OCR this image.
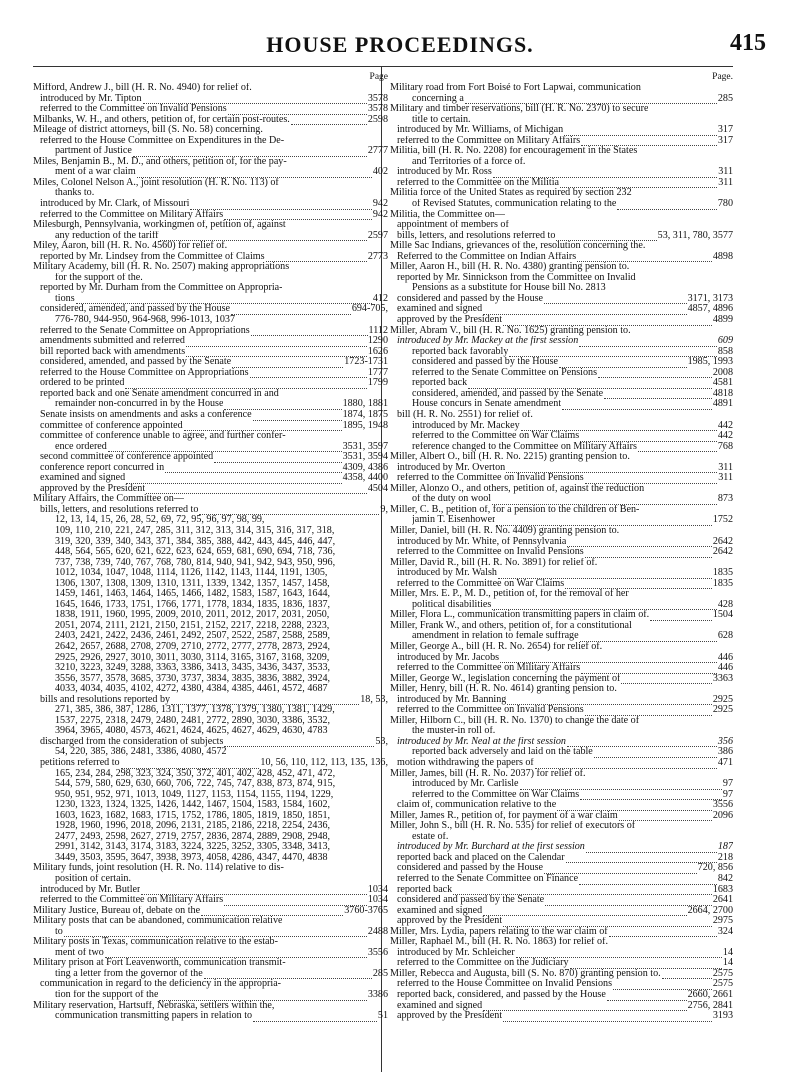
HOUSE PROCEEDINGS.	415
Page
Mifford, Andrew J., bill (H. R. No. 4940) for relief of.
introduced by Mr. Tipton	3578
referred to the Committee on Invalid Pensions	3578
Milbanks, W. H., and others, petition of, for certain post-routes.	2598
Mileage of district attorneys, bill (S. No. 58) concerning.
referred to the House Committee on Expenditures in the De-
partment of Justice	2777
Miles, Benjamin B., M. D., and others, petition of, for the pay-
ment of a war claim	402
Miles, Colonel Nelson A., joint resolution (H. R. No. 113) of
thanks to.
introduced by Mr. Clark, of Missouri	942
referred to the Committee on Military Affairs	942
Milesburgh, Pennsylvania, workingmen of, petition of, against
any reduction of the tariff	2597
Miley, Aaron, bill (H. R. No. 4560) for relief of.
reported by Mr. Lindsey from the Committee of Claims	2773
Military Academy, bill (H. R. No. 2507) making appropriations
for the support of the.
reported by Mr. Durham from the Committee on Appropria-
tions	412
considered, amended, and passed by the House	694-705,
776-780, 944-950, 964-968, 996-1013, 1037
referred to the Senate Committee on Appropriations	1112
amendments submitted and referred	1290
bill reported back with amendments	1626
considered, amended, and passed by the Senate	1723-1731
referred to the House Committee on Appropriations	1777
ordered to be printed	1799
reported back and one Senate amendment concurred in and
remainder non-concurred in by the House	1880, 1881
Senate insists on amendments and asks a conference	1874, 1875
committee of conference appointed	1895, 1948
committee of conference unable to agree, and further confer-
ence ordered	3531, 3597
second committee of conference appointed	3531, 3594
conference report concurred in	4309, 4386
examined and signed	4358, 4400
approved by the President	4504
Military Affairs, the Committee on—
bills, letters, and resolutions referred to	9,
12, 13, 14, 15, 26, 28, 52, 69, 72, 95, 96, 97, 98, 99,
109, 110, 210, 221, 247, 285, 311, 312, 313, 314, 315, 316, 317, 318,
319, 320, 339, 340, 343, 371, 384, 385, 388, 442, 443, 445, 446, 447,
448, 564, 565, 620, 621, 622, 623, 624, 659, 681, 690, 694, 718, 736,
737, 738, 739, 740, 767, 768, 780, 814, 940, 941, 942, 943, 950, 996,
1012, 1034, 1047, 1048, 1114, 1126, 1142, 1143, 1144, 1191, 1305,
1306, 1307, 1308, 1309, 1310, 1311, 1339, 1342, 1357, 1457, 1458,
1459, 1461, 1463, 1464, 1465, 1466, 1482, 1583, 1587, 1643, 1644,
1645, 1646, 1733, 1751, 1766, 1771, 1778, 1834, 1835, 1836, 1837,
1838, 1911, 1960, 1995, 2009, 2010, 2011, 2012, 2017, 2031, 2050,
2051, 2074, 2111, 2121, 2150, 2151, 2152, 2217, 2218, 2288, 2323,
2403, 2421, 2422, 2436, 2461, 2492, 2507, 2522, 2587, 2588, 2589,
2642, 2657, 2688, 2708, 2709, 2710, 2772, 2777, 2778, 2873, 2924,
2925, 2926, 2927, 3010, 3011, 3030, 3114, 3165, 3167, 3168, 3209,
3210, 3223, 3249, 3288, 3363, 3386, 3413, 3435, 3436, 3437, 3533,
3556, 3577, 3578, 3685, 3730, 3737, 3834, 3835, 3836, 3882, 3924,
4033, 4034, 4035, 4102, 4272, 4380, 4384, 4385, 4461, 4572, 4687
bills and resolutions reported by	18, 53,
271, 385, 386, 387, 1286, 1311, 1377, 1378, 1379, 1380, 1381, 1429,
1537, 2275, 2318, 2479, 2480, 2481, 2772, 2890, 3030, 3386, 3532,
3964, 3965, 4080, 4573, 4621, 4624, 4625, 4627, 4629, 4630, 4783
discharged from the consideration of subjects	53,
54, 220, 385, 386, 2481, 3386, 4080, 4572
petitions referred to	10, 56, 110, 112, 113, 135, 136,
165, 234, 284, 298, 323, 324, 350, 372, 401, 402, 428, 452, 471, 472,
544, 579, 580, 629, 630, 660, 706, 722, 745, 747, 838, 873, 874, 915,
950, 951, 952, 971, 1013, 1049, 1127, 1153, 1154, 1155, 1194, 1229,
1230, 1323, 1324, 1325, 1426, 1442, 1467, 1504, 1583, 1584, 1602,
1603, 1623, 1682, 1683, 1715, 1752, 1786, 1805, 1819, 1850, 1851,
1928, 1960, 1996, 2018, 2096, 2131, 2185, 2186, 2218, 2254, 2436,
2477, 2493, 2598, 2627, 2719, 2757, 2836, 2874, 2889, 2908, 2948,
2991, 3142, 3143, 3174, 3183, 3224, 3225, 3252, 3305, 3348, 3413,
3449, 3503, 3595, 3647, 3938, 3973, 4058, 4286, 4347, 4470, 4838
Military funds, joint resolution (H. R. No. 114) relative to dis-
position of certain.
introduced by Mr. Butler	1034
referred to the Committee on Military Affairs	1034
Military Justice, Bureau of, debate on the	3760-3765
Military posts that can be abandoned, communication relative
to	2488
Military posts in Texas, communication relative to the estab-
ment of two	3556
Military prison at Fort Leavenworth, communication transmit-
ting a letter from the governor of the	285
communication in regard to the deficiency in the appropria-
tion for the support of the	3386
Military reservation, Hartsuff, Nebraska, settlers within the,
communication transmitting papers in relation to	51
Page.
Military road from Fort Boisé to Fort Lapwai, communication
concerning a	285
Military and timber reservations, bill (H. R. No. 2370) to secure
title to certain.
introduced by Mr. Williams, of Michigan	317
referred to the Committee on Military Affairs	317
Militia, bill (H. R. No. 2208) for encouragement in the States
and Territories of a force of.
introduced by Mr. Ross	311
referred to the Committee on the Militia	311
Militia force of the United States as required by section 232
of Revised Statutes, communication relating to the	780
Militia, the Committee on—
appointment of members of
bills, letters, and resolutions referred to	53, 311, 780, 3577
Mille Sac Indians, grievances of the, resolution concerning the.
Referred to the Committee on Indian Affairs	4898
Miller, Aaron H., bill (H. R. No. 4380) granting pension to.
reported by Mr. Sinnickson from the Committee on Invalid
Pensions as a substitute for House bill No. 2813
considered and passed by the House	3171, 3173
examined and signed	4857, 4896
approved by the President	4899
Miller, Abram V., bill (H. R. No. 1625) granting pension to.
introduced by Mr. Mackey at the first session	609
reported back favorably	858
considered and passed by the House	1985, 1993
referred to the Senate Committee on Pensions	2008
reported back	4581
considered, amended, and passed by the Senate	4818
House concurs in Senate amendment	4891
bill (H. R. No. 2551) for relief of.
introduced by Mr. Mackey	442
referred to the Committee on War Claims	442
reference changed to the Committee on Military Affairs	768
Miller, Albert O., bill (H. R. No. 2215) granting pension to.
introduced by Mr. Overton	311
referred to the Committee on Invalid Pensions	311
Miller, Alonzo O., and others, petition of, against the reduction
of the duty on wool	873
Miller, C. B., petition of, for a pension to the children of Ben-
jamin T. Eisenhower	1752
Miller, Daniel, bill (H. R. No. 4409) granting pension to.
introduced by Mr. White, of Pennsylvania	2642
referred to the Committee on Invalid Pensions	2642
Miller, David R., bill (H. R. No. 3891) for relief of.
introduced by Mr. Walsh	1835
referred to the Committee on War Claims	1835
Miller, Mrs. E. P., M. D., petition of, for the removal of her
political disabilities	428
Miller, Flora L., communication transmitting papers in claim of.	1504
Miller, Frank W., and others, petition of, for a constitutional
amendment in relation to female suffrage	628
Miller, George A., bill (H. R. No. 2654) for relief of.
introduced by Mr. Jacobs	446
referred to the Committee on Military Affairs	446
Miller, George W., legislation concerning the payment of	3363
Miller, Henry, bill (H. R. No. 4614) granting pension to.
introduced by Mr. Banning	2925
referred to the Committee on Invalid Pensions	2925
Miller, Hilborn C., bill (H. R. No. 1370) to change the date of
the muster-in roll of.
introduced by Mr. Neal at the first session	356
reported back adversely and laid on the table	386
motion withdrawing the papers of	471
Miller, James, bill (H. R. No. 2037) for relief of.
introduced by Mr. Carlisle	97
referred to the Committee on War Claims	97
claim of, communication relative to the	3556
Miller, James R., petition of, for payment of a war claim	2096
Miller, John S., bill (H. R. No. 535) for relief of executors of
estate of.
introduced by Mr. Burchard at the first session	187
reported back and placed on the Calendar	218
considered and passed by the House	720, 856
referred to the Senate Committee on Finance	842
reported back	1683
considered and passed by the Senate	2641
examined and signed	2664, 2700
approved by the President	2975
Miller, Mrs. Lydia, papers relating to the war claim of	324
Miller, Raphael M., bill (H. R. No. 1863) for relief of.
introduced by Mr. Schleicher	14
referred to the Committee on the Judiciary	14
Miller, Rebecca and Augusta, bill (S. No. 870) granting pension to.	2575
referred to the House Committee on Invalid Pensions	2575
reported back, considered, and passed by the House	2660, 2661
examined and signed	2756, 2841
approved by the President	3193
